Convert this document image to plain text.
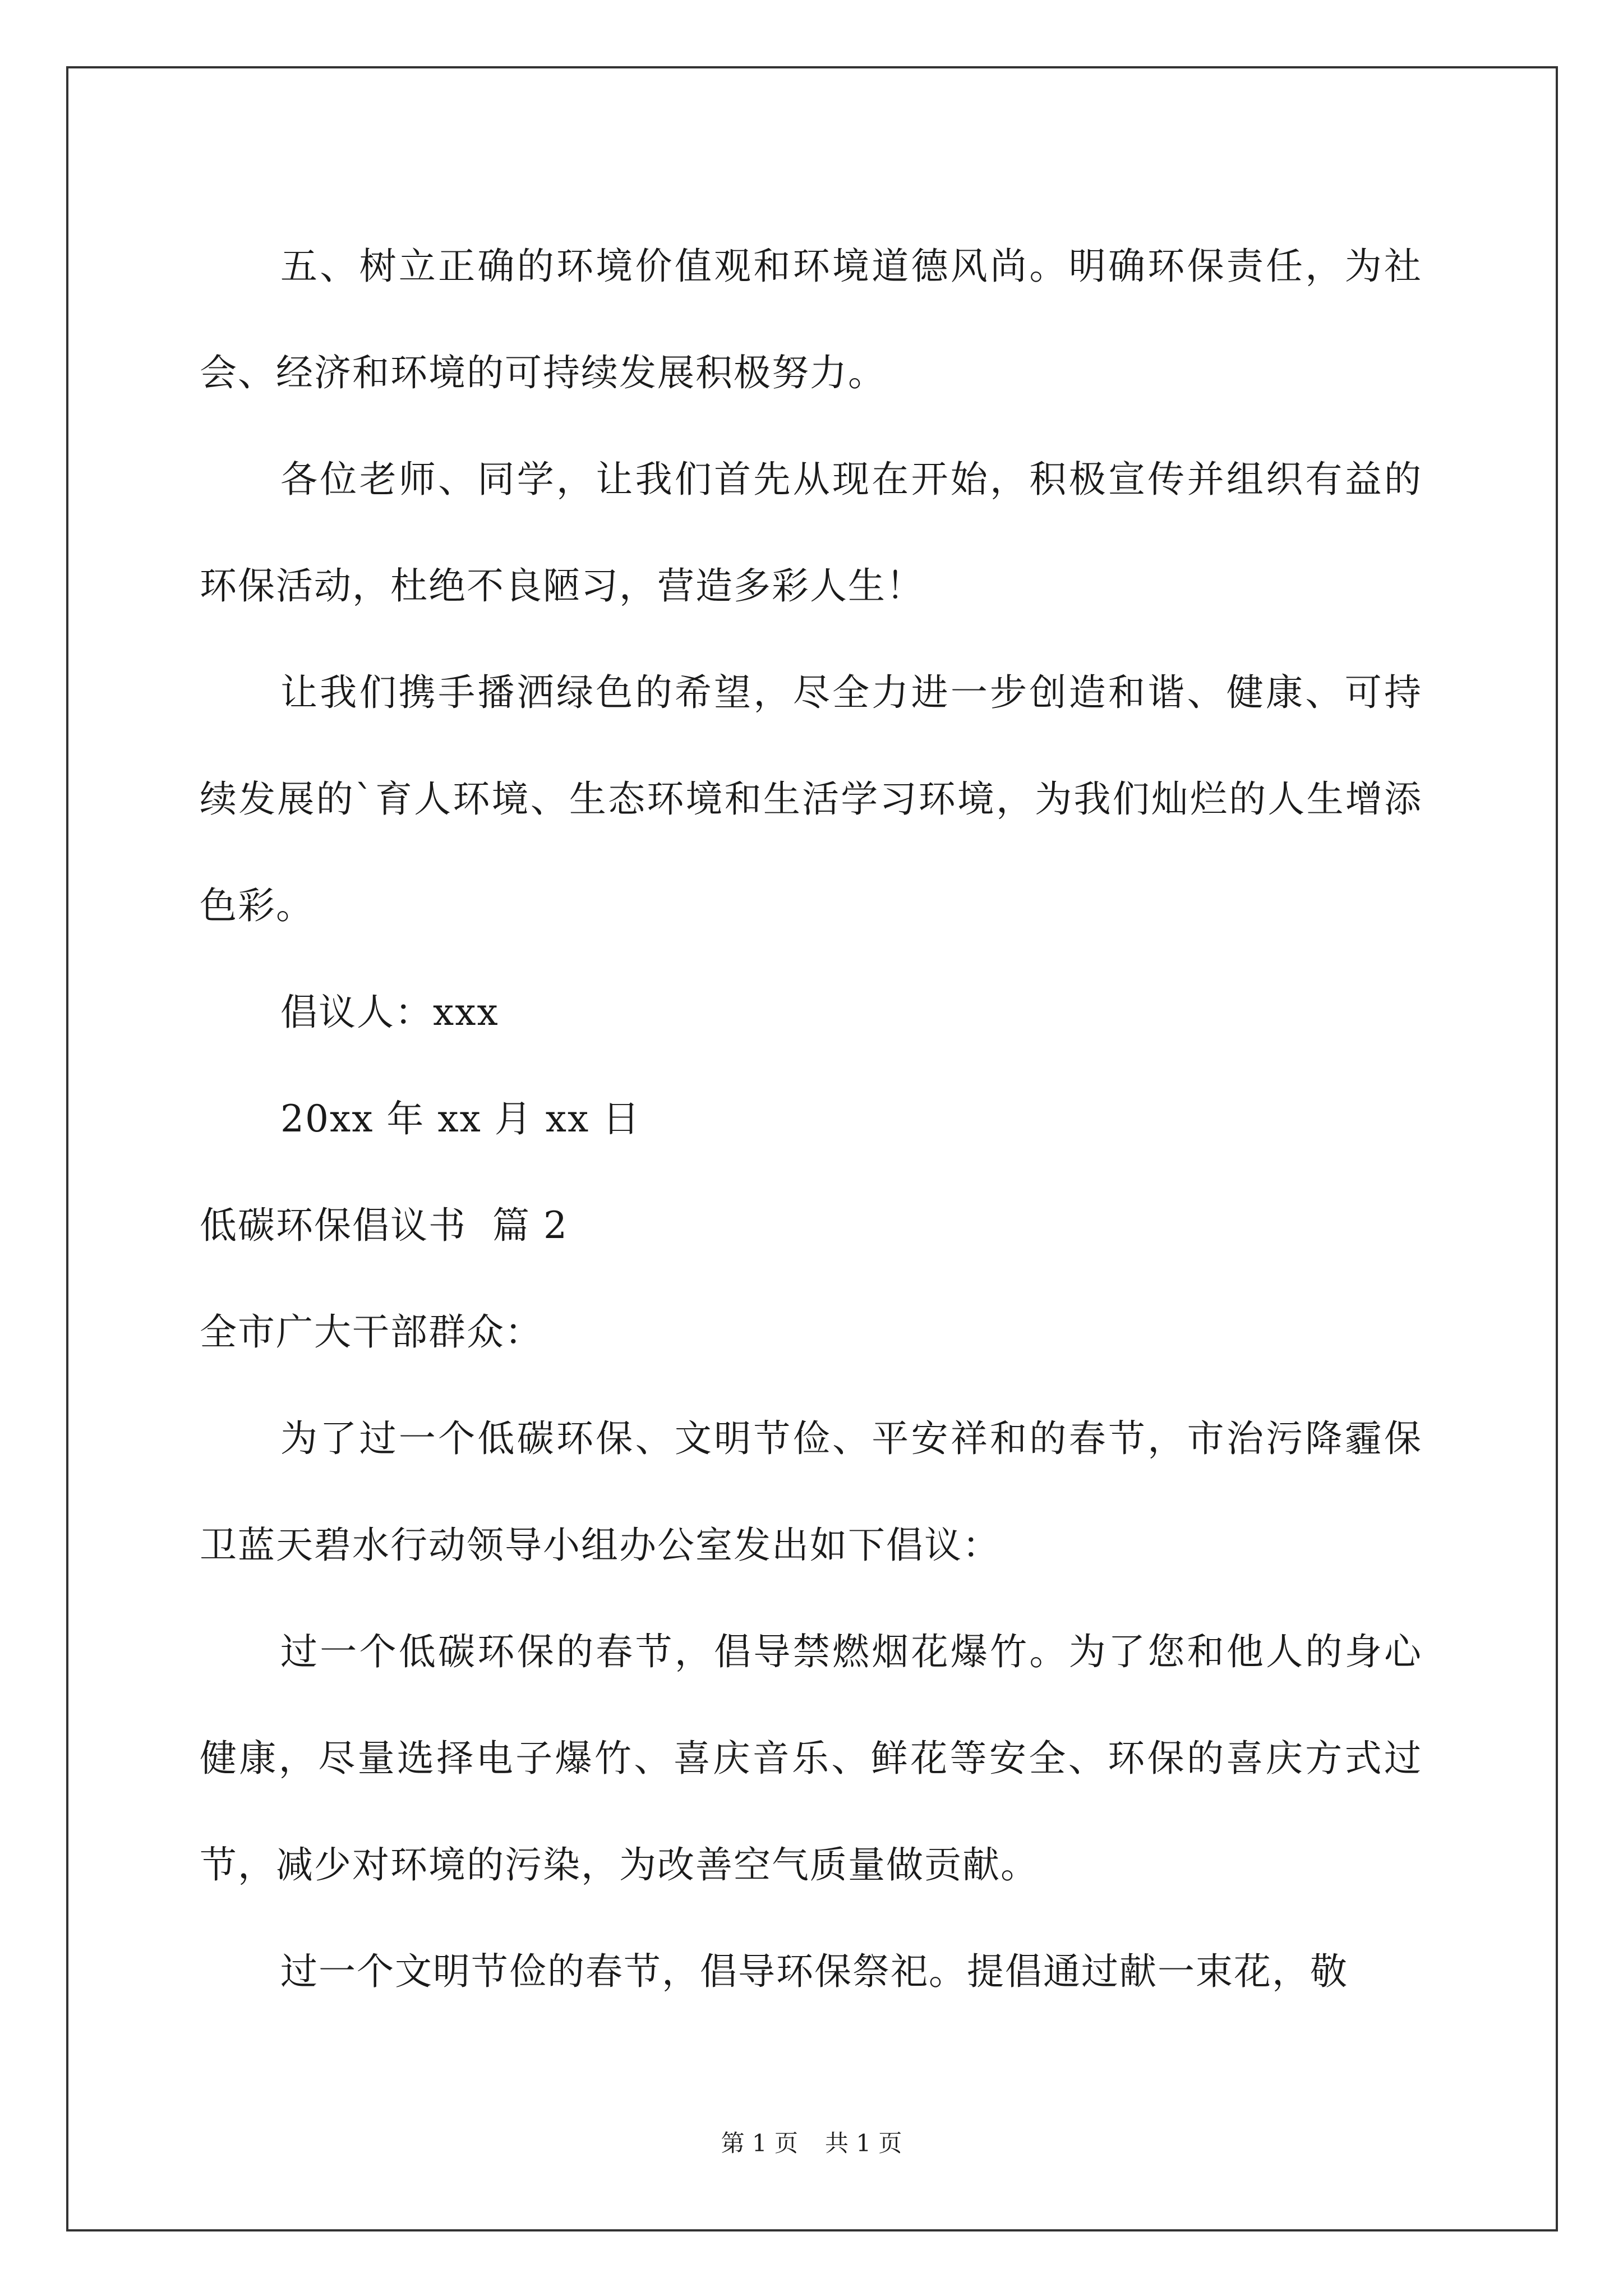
五、树立正确的环境价值观和环境道德风尚。明确环保责任，为社会、经济和环境的可持续发展积极努力。

各位老师、同学，让我们首先从现在开始，积极宣传并组织有益的环保活动，杜绝不良陋习，营造多彩人生！

让我们携手播洒绿色的希望，尽全力进一步创造和谐、健康、可持续发展的`育人环境、生态环境和生活学习环境，为我们灿烂的人生增添色彩。

倡议人：xxx

20xx 年 xx 月 xx 日

低碳环保倡议书  篇 2

全市广大干部群众：

为了过一个低碳环保、文明节俭、平安祥和的春节，市治污降霾保卫蓝天碧水行动领导小组办公室发出如下倡议：

过一个低碳环保的春节，倡导禁燃烟花爆竹。为了您和他人的身心健康，尽量选择电子爆竹、喜庆音乐、鲜花等安全、环保的喜庆方式过节，减少对环境的污染，为改善空气质量做贡献。

过一个文明节俭的春节，倡导环保祭祀。提倡通过献一束花，敬

第 1 页 共 1 页
